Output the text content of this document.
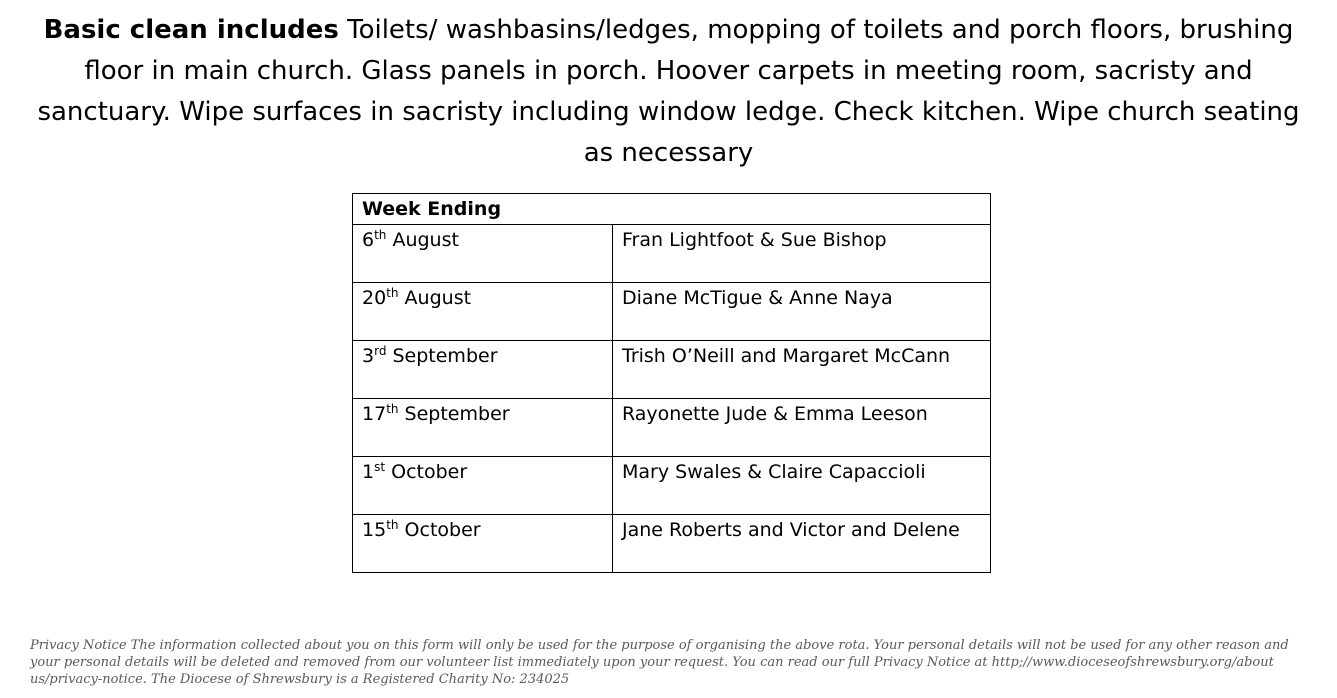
Basic clean includes Toilets/ washbasins/ledges, mopping of toilets and porch floors, brushing floor in main church. Glass panels in porch. Hoover carpets in meeting room, sacristy and sanctuary. Wipe surfaces in sacristy including window ledge. Check kitchen. Wipe church seating as necessary
Week Ending	
6th August	Fran Lightfoot & Sue Bishop
20th August	Diane McTigue & Anne Naya
3rd September	Trish O’Neill and Margaret McCann
17th September	Rayonette Jude & Emma Leeson
1st October	Mary Swales & Claire Capaccioli
15th October	Jane Roberts and Victor and Delene
Privacy Notice The information collected about you on this form will only be used for the purpose of organising the above rota. Your personal details will not be used for any other reason and your personal details will be deleted and removed from our volunteer list immediately upon your request. You can read our full Privacy Notice at http;//www.dioceseofshrewsbury.org/about us/privacy-notice. The Diocese of Shrewsbury is a Registered Charity No: 234025
